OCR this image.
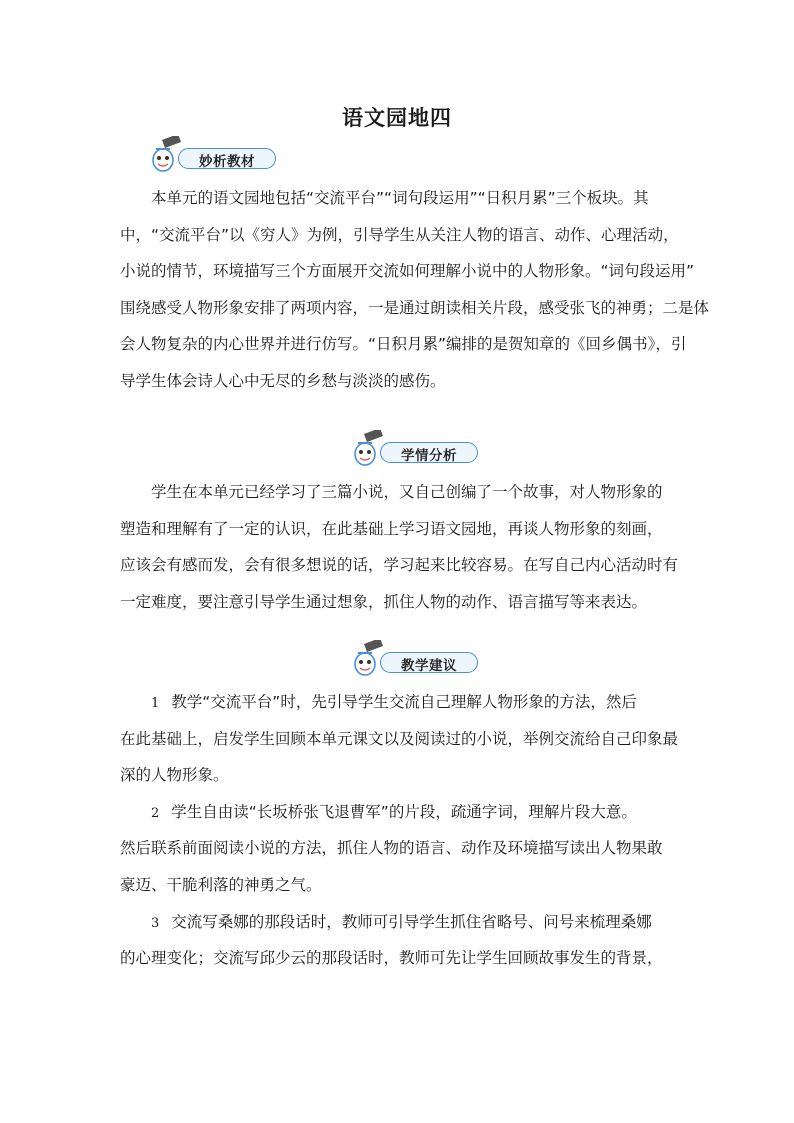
语文园地四
妙析教材
本单元的语文园地包括“交流平台”“词句段运用”“日积月累”三个板块。其
中，“交流平台”以《穷人》为例，引导学生从关注人物的语言、动作、心理活动，
小说的情节，环境描写三个方面展开交流如何理解小说中的人物形象。“词句段运用”
围绕感受人物形象安排了两项内容，一是通过朗读相关片段，感受张飞的神勇；二是体
会人物复杂的内心世界并进行仿写。“日积月累”编排的是贺知章的《回乡偶书》，引
导学生体会诗人心中无尽的乡愁与淡淡的感伤。
学情分析
学生在本单元已经学习了三篇小说，又自己创编了一个故事，对人物形象的
塑造和理解有了一定的认识，在此基础上学习语文园地，再谈人物形象的刻画，
应该会有感而发，会有很多想说的话，学习起来比较容易。在写自己内心活动时有
一定难度，要注意引导学生通过想象，抓住人物的动作、语言描写等来表达。
教学建议
1 教学“交流平台”时，先引导学生交流自己理解人物形象的方法，然后
在此基础上，启发学生回顾本单元课文以及阅读过的小说，举例交流给自己印象最
深的人物形象。
2 学生自由读“长坂桥张飞退曹军”的片段，疏通字词，理解片段大意。
然后联系前面阅读小说的方法，抓住人物的语言、动作及环境描写读出人物果敢
豪迈、干脆利落的神勇之气。
3 交流写桑娜的那段话时，教师可引导学生抓住省略号、问号来梳理桑娜
的心理变化；交流写邱少云的那段话时，教师可先让学生回顾故事发生的背景，
